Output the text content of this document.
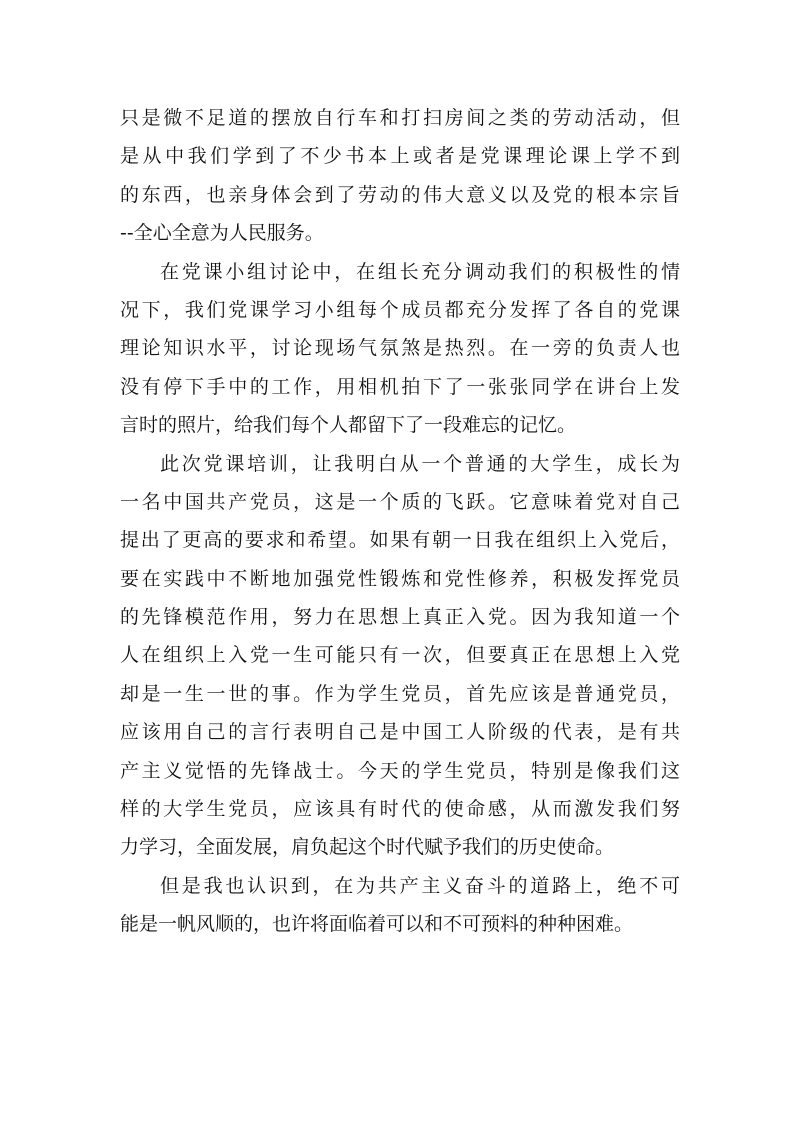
只是微不足道的摆放自行车和打扫房间之类的劳动活动，但
是从中我们学到了不少书本上或者是党课理论课上学不到
的东西，也亲身体会到了劳动的伟大意义以及党的根本宗旨
--全心全意为人民服务。
在党课小组讨论中，在组长充分调动我们的积极性的情
况下，我们党课学习小组每个成员都充分发挥了各自的党课
理论知识水平，讨论现场气氛煞是热烈。在一旁的负责人也
没有停下手中的工作，用相机拍下了一张张同学在讲台上发
言时的照片，给我们每个人都留下了一段难忘的记忆。
此次党课培训，让我明白从一个普通的大学生，成长为
一名中国共产党员，这是一个质的飞跃。它意味着党对自己
提出了更高的要求和希望。如果有朝一日我在组织上入党后，
要在实践中不断地加强党性锻炼和党性修养，积极发挥党员
的先锋模范作用，努力在思想上真正入党。因为我知道一个
人在组织上入党一生可能只有一次，但要真正在思想上入党
却是一生一世的事。作为学生党员，首先应该是普通党员，
应该用自己的言行表明自己是中国工人阶级的代表，是有共
产主义觉悟的先锋战士。今天的学生党员，特别是像我们这
样的大学生党员，应该具有时代的使命感，从而激发我们努
力学习，全面发展，肩负起这个时代赋予我们的历史使命。
但是我也认识到，在为共产主义奋斗的道路上，绝不可
能是一帆风顺的，也许将面临着可以和不可预料的种种困难。
